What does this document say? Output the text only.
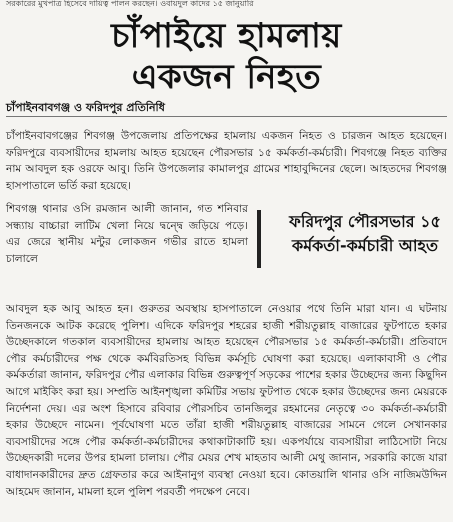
সরকারের মুখপাত্র হিসেবে দায়িত্ব পালন করছেন। ওবায়দুল কাদের ১৫ জানুয়ারি
চাঁপাইয়ে হামলায়
একজন নিহত
চাঁপাইনবাবগঞ্জ ও ফরিদপুর প্রতিনিধি

চাঁপাইনবাবগঞ্জের শিবগঞ্জ উপজেলায় প্রতিপক্ষের হামলায় একজন নিহত ও চারজন আহত হয়েছেন। ফরিদপুরে ব্যবসায়ীদের হামলায় আহত হয়েছেন পৌরসভার ১৫ কর্মকর্তা-কর্মচারী। শিবগঞ্জে নিহত ব্যক্তির নাম আবদুল হক ওরফে আবু। তিনি উপজেলার কামালপুর গ্রামের শাহাবুদ্দিনের ছেলে। আহতদের শিবগঞ্জ হাসপাতালে ভর্তি করা হয়েছে।

শিবগঞ্জ থানার ওসি রমজান আলী জানান, গত শনিবার সন্ধ্যায় বাচ্চারা লাটিম খেলা নিয়ে দ্বন্দ্বে জড়িয়ে পড়ে। এর জেরে স্থানীয় মন্টুর লোকজন গভীর রাতে হামলা চালালে

ফরিদপুর পৌরসভার ১৫ কর্মকর্তা-কর্মচারী আহত

আবদুল হক আবু আহত হন। গুরুতর অবস্থায় হাসপাতালে নেওয়ার পথে তিনি মারা যান। এ ঘটনায় তিনজনকে আটক করেছে পুলিশ। এদিকে ফরিদপুর শহরের হাজী শরীয়তুল্লাহ বাজারের ফুটপাতে হকার উচ্ছেদকালে গতকাল ব্যবসায়ীদের হামলায় আহত হয়েছেন পৌরসভার ১৫ কর্মকর্তা-কর্মচারী। প্রতিবাদে পৌর কর্মচারীদের পক্ষ থেকে কর্মবিরতিসহ বিভিন্ন কর্মসূচি ঘোষণা করা হয়েছে। এলাকাবাসী ও পৌর কর্মকর্তারা জানান, ফরিদপুর পৌর এলাকার বিভিন্ন গুরুত্বপূর্ণ সড়কের পাশের হকার উচ্ছেদের জন্য কিছুদিন আগে মাইকিং করা হয়। সম্প্রতি আইনশৃঙ্খলা কমিটির সভায় ফুটপাত থেকে হকার উচ্ছেদের জন্য মেয়রকে নির্দেশনা দেয়। এর অংশ হিসাবে রবিবার পৌরসচিব তানজিলুর রহমানের নেতৃত্বে ৩০ কর্মকর্তা-কর্মচারী হকার উচ্ছেদে নামেন। পূর্বঘোষণা মতে তাঁরা হাজী শরীয়তুল্লাহ বাজারের সামনে গেলে সেখানকার ব্যবসায়ীদের সঙ্গে পৌর কর্মকর্তা-কর্মচারীদের কথাকাটাকাটি হয়। একপর্যায়ে ব্যবসায়ীরা লাঠিসোটা নিয়ে উচ্ছেদকারী দলের উপর হামলা চালায়। পৌর মেয়র শেখ মাহতাব আলী মেথু জানান, সরকারি কাজে যারা বাধাদানকারীদের দ্রুত গ্রেফতার করে আইনানুগ ব্যবস্থা নেওয়া হবে। কোতয়ালি থানার ওসি নাজিমউদ্দিন আহমেদ জানান, মামলা হলে পুলিশ পরবর্তী পদক্ষেপ নেবে।
